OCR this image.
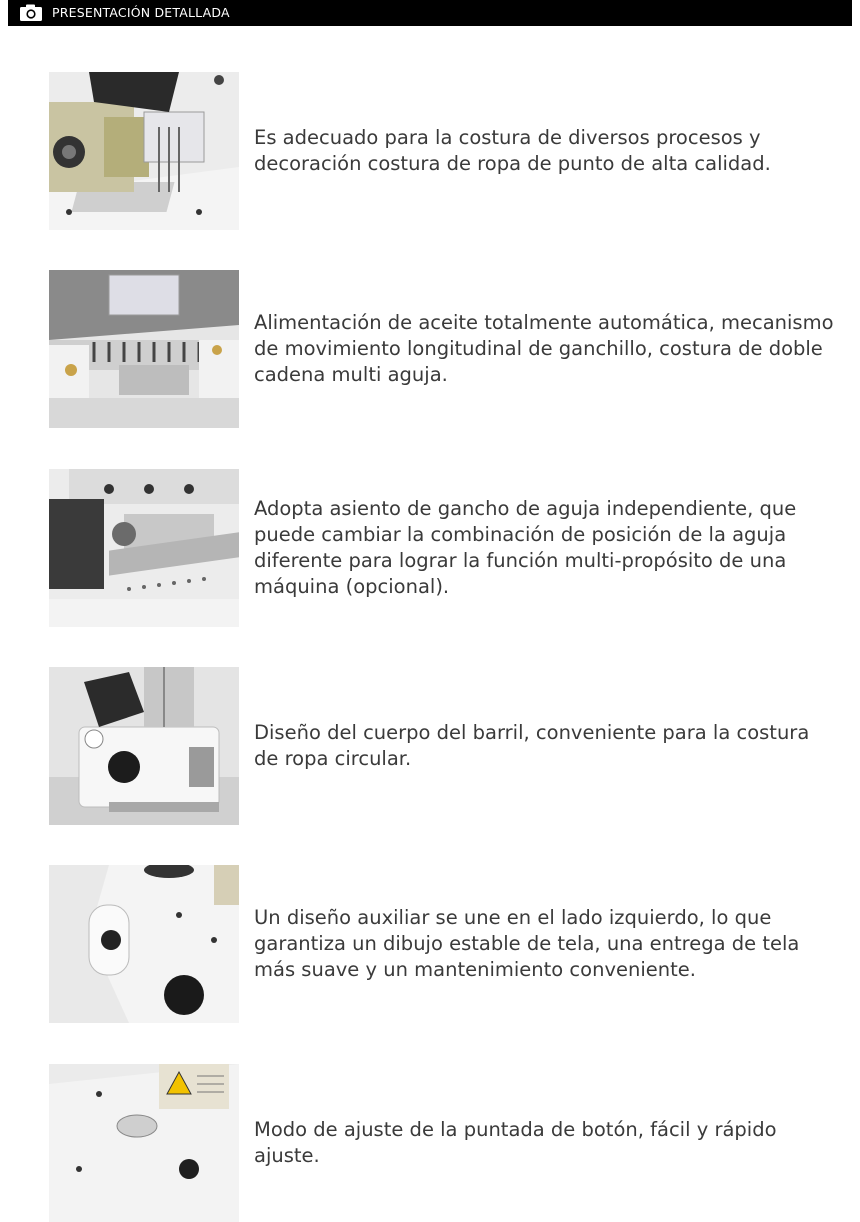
PRESENTACIÓN DETALLADA
Es adecuado para la costura de diversos procesos y decoración costura de ropa de punto de alta calidad.
Alimentación de aceite totalmente automática, mecanismo de movimiento longitudinal de ganchillo, costura de doble cadena multi aguja.
Adopta asiento de gancho de aguja independiente, que puede cambiar la combinación de posición de la aguja diferente para lograr la función multi-propósito de una máquina (opcional).
Diseño del cuerpo del barril, conveniente para la costura de ropa circular.
Un diseño auxiliar se une en el lado izquierdo, lo que garantiza un dibujo estable de tela, una entrega de tela más suave y un mantenimiento conveniente.
Modo de ajuste de la puntada de botón, fácil y rápido ajuste.
